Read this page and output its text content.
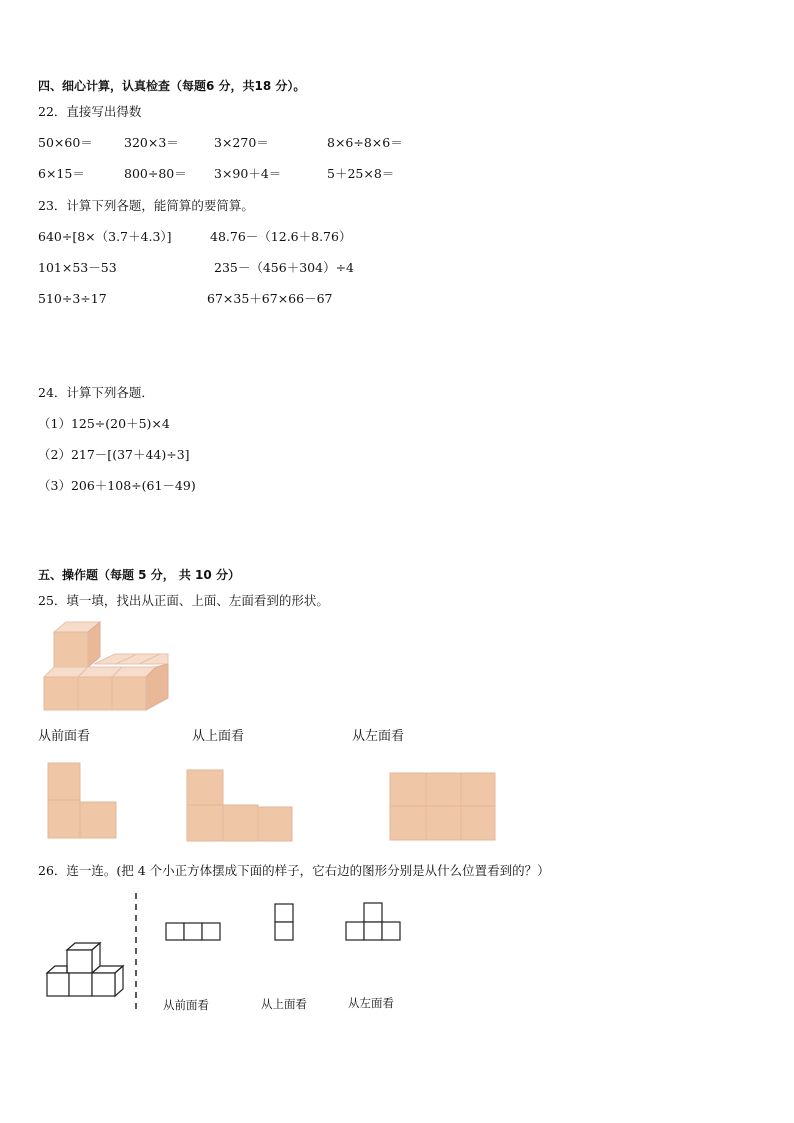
四、细心计算，认真检查（每题6 分，共18 分）。
22．直接写出得数
50×60＝ 320×3＝	3×270＝	8×6÷8×6＝
6×15＝	800÷80＝ 3×90＋4＝	5＋25×8＝
23．计算下列各题，能简算的要简算。
640÷[8×（3.7＋4.3）]	48.76－（12.6＋8.76）
101×53－53	235－（456＋304）÷4
510÷3÷17	67×35＋67×66－67
24．计算下列各题．
（1）125÷(20＋5)×4
（2）217－[(37＋44)÷3]
（3）206＋108÷(61－49)
五、操作题（每题 5 分， 共 10 分）
25．填一填，找出从正面、上面、左面看到的形状。
从前面看	从上面看	从左面看
26．连一连。(把 4 个小正方体摆成下面的样子，它右边的图形分别是从什么位置看到的？）
从前面看	从上面看	从左面看
